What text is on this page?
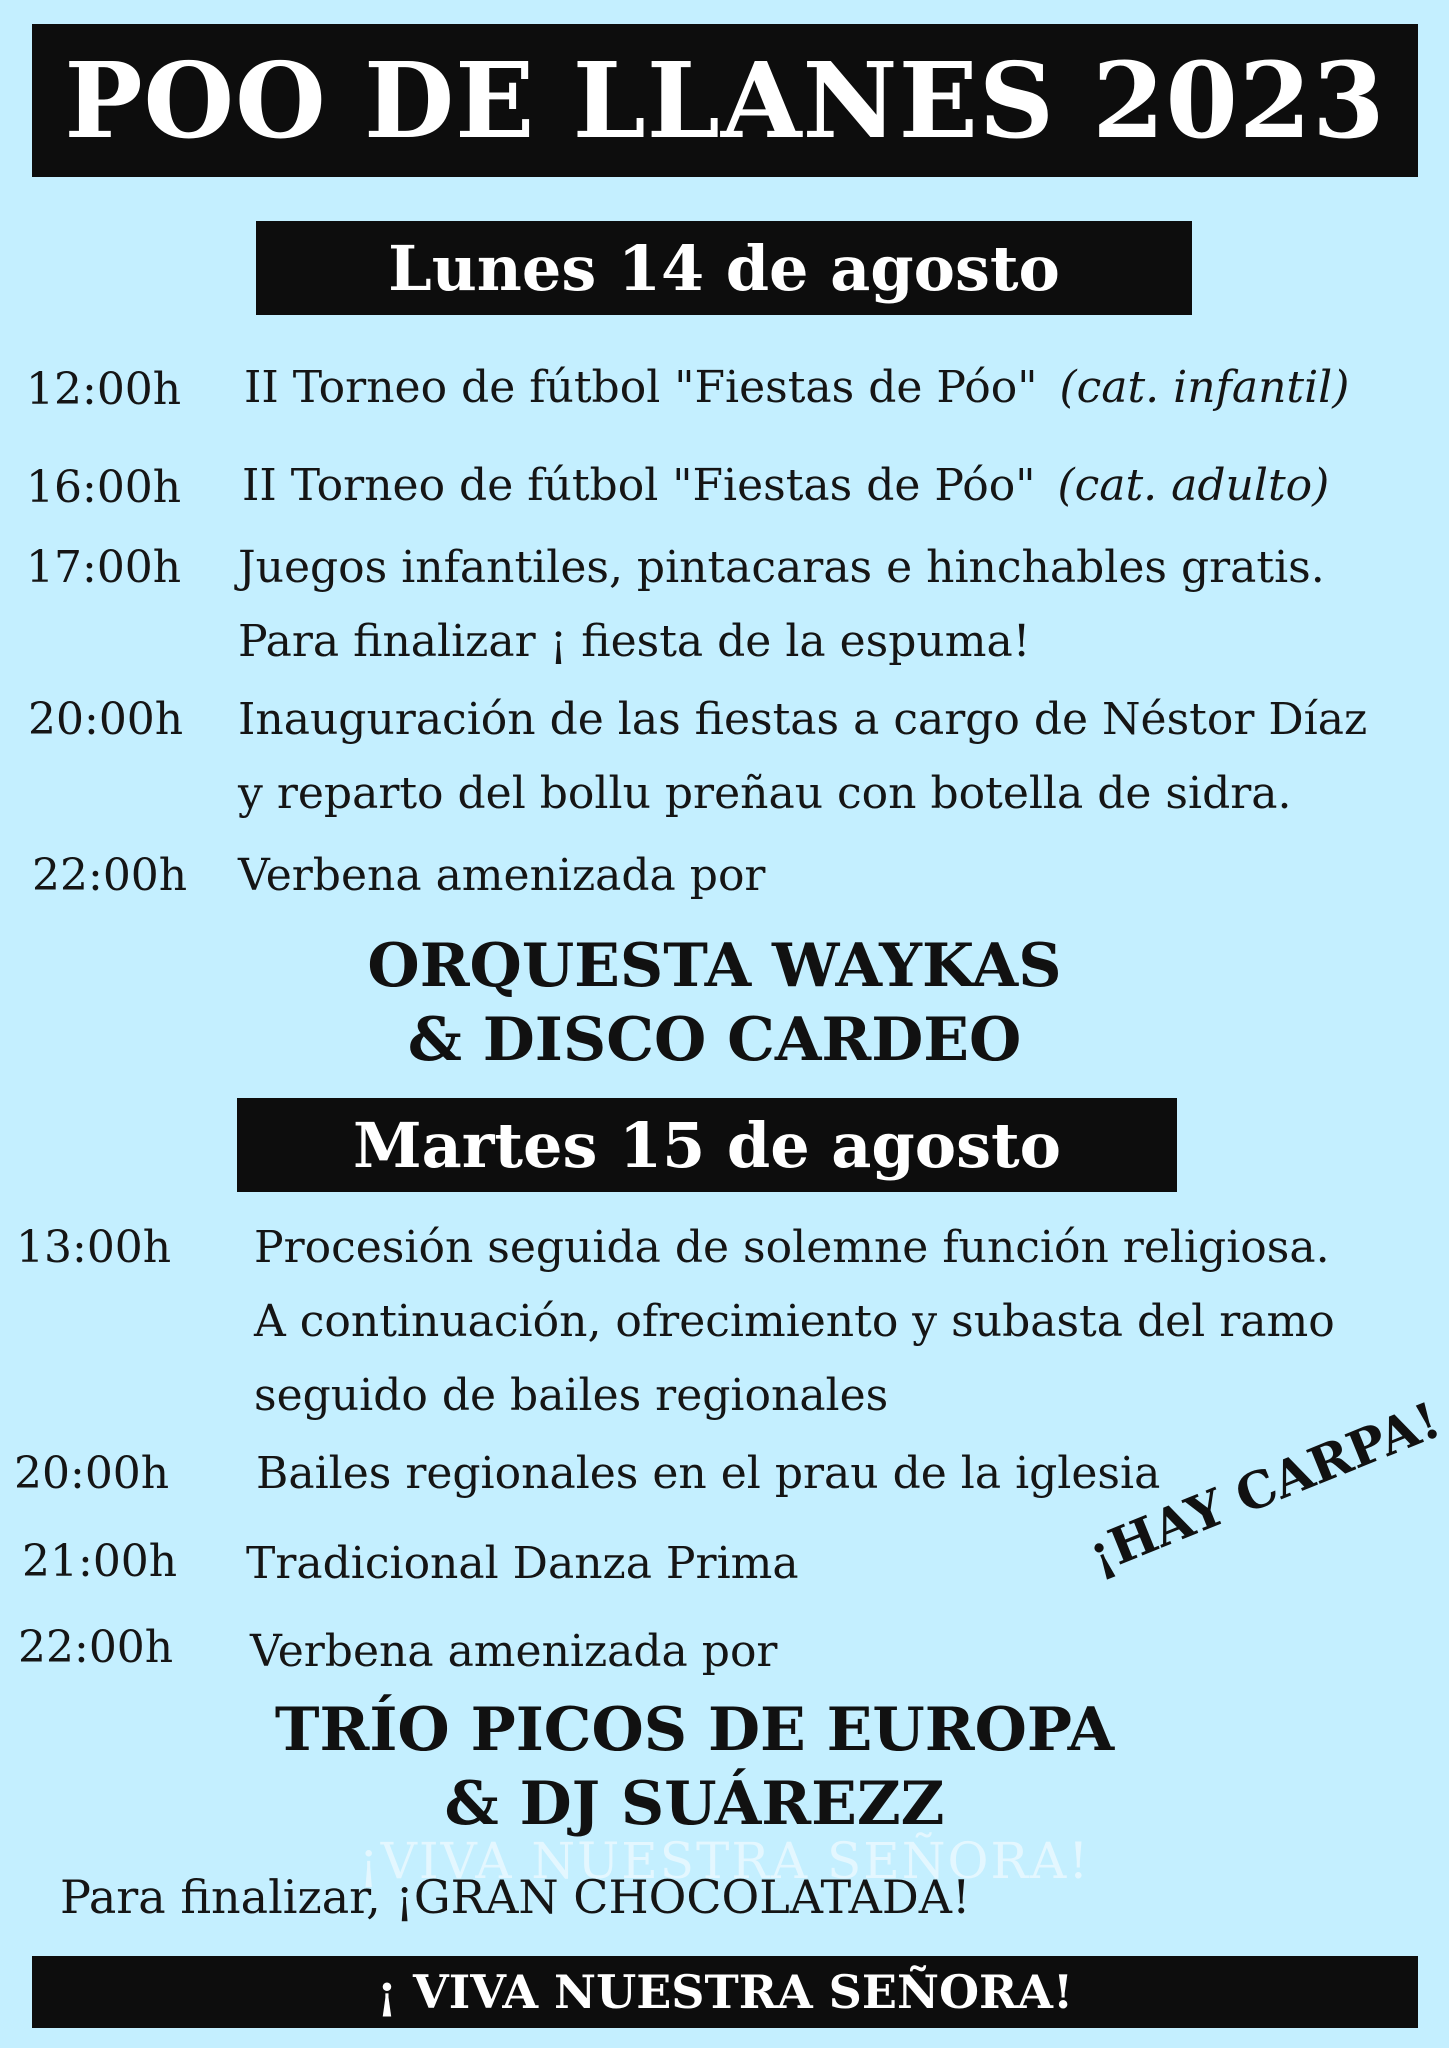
POO DE LLANES 2023
Lunes 14 de agosto
12:00h II Torneo de fútbol "Fiestas de Póo" (cat. infantil)
16:00h II Torneo de fútbol "Fiestas de Póo" (cat. adulto)
17:00h Juegos infantiles, pintacaras e hinchables gratis.
Para finalizar ¡ fiesta de la espuma!
20:00h Inauguración de las fiestas a cargo de Néstor Díaz
y reparto del bollu preñau con botella de sidra.
22:00h Verbena amenizada por
ORQUESTA WAYKAS
& DISCO CARDEO
Martes 15 de agosto
13:00h Procesión seguida de solemne función religiosa.
A continuación, ofrecimiento y subasta del ramo
seguido de bailes regionales
20:00h Bailes regionales en el prau de la iglesia
21:00h Tradicional Danza Prima
22:00h Verbena amenizada por
¡HAY CARPA!
TRÍO PICOS DE EUROPA
& DJ SUÁREZZ
¡VIVA NUESTRA SEÑORA!
Para finalizar, ¡GRAN CHOCOLATADA!
¡ VIVA NUESTRA SEÑORA!
